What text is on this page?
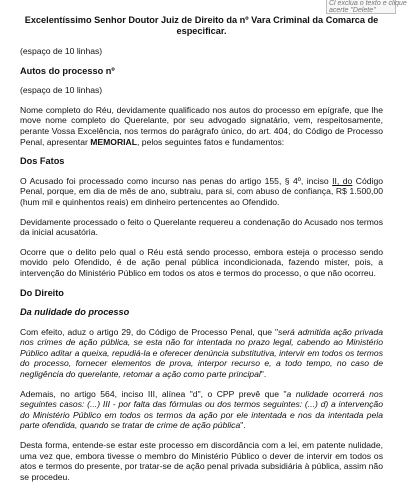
Cl exclua o texto e clique
acerte "Delete"
Excelentíssimo Senhor Doutor Juiz de Direito da nº Vara Criminal da Comarca de especificar.

(espaço de 10 linhas)

Autos do processo nº

(espaço de 10 linhas)

Nome completo do Réu, devidamente qualificado nos autos do processo em epígrafe, que lhe move nome completo do Querelante, por seu advogado signatário, vem, respeitosamente, perante Vossa Excelência, nos termos do parágrafo único, do art. 404, do Código de Processo Penal, apresentar MEMORIAL, pelos seguintes fatos e fundamentos:

Dos Fatos

O Acusado foi processado como incurso nas penas do artigo 155, § 4º, inciso II, do Código Penal, porque, em dia de mês de ano, subtraiu, para si, com abuso de confiança, R$ 1.500,00 (hum mil e quinhentos reais) em dinheiro pertencentes ao Ofendido.

Devidamente processado o feito o Querelante requereu a condenação do Acusado nos termos da inicial acusatória.

Ocorre que o delito pelo qual o Réu está sendo processo, embora esteja o processo sendo movido pelo Ofendido, é de ação penal pública incondicionada, fazendo mister, pois, a intervenção do Ministério Público em todos os atos e termos do processo, o que não ocorreu.

Do Direito

Da nulidade do processo

Com efeito, aduz o artigo 29, do Código de Processo Penal, que "será admitida ação privada nos crimes de ação pública, se esta não for intentada no prazo legal, cabendo ao Ministério Público aditar a queixa, repudiá-la e oferecer denúncia substitutiva, intervir em todos os termos do processo, fornecer elementos de prova, interpor recurso e, a todo tempo, no caso de negligência do querelante, retomar a ação como parte principal".

Ademais, no artigo 564, inciso III, alínea "d", o CPP prevê que "a nulidade ocorrerá nos seguintes casos: (...) III - por falta das fórmulas ou dos termos seguintes: (...) d) a intervenção do Ministério Público em todos os termos da ação por ele intentada e nos da intentada pela parte ofendida, quando se tratar de crime de ação pública".

Desta forma, entende-se estar este processo em discordância com a lei, em patente nulidade, uma vez que, embora tivesse o membro do Ministério Público o dever de intervir em todos os atos e termos do presente, por tratar-se de ação penal privada subsidiária à pública, assim não se procedeu.
